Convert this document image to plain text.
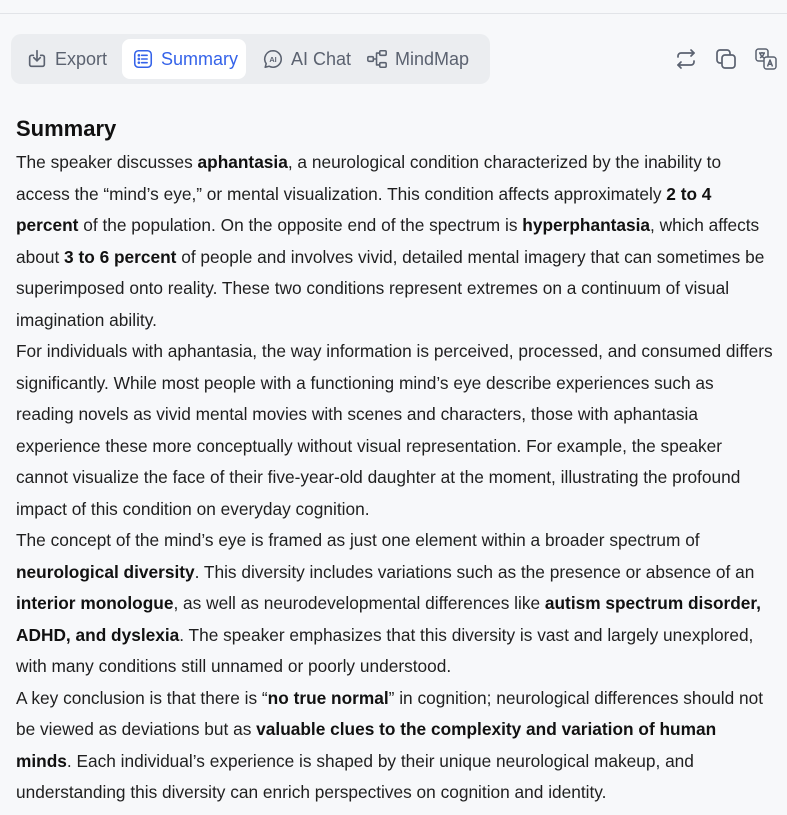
Export	Summary	AI AI Chat MindMap
Summary

The speaker discusses aphantasia, a neurological condition characterized by the inability to access the “mind’s eye,” or mental visualization. This condition affects approximately 2 to 4 percent of the population. On the opposite end of the spectrum is hyperphantasia, which affects about 3 to 6 percent of people and involves vivid, detailed mental imagery that can sometimes be superimposed onto reality. These two conditions represent extremes on a continuum of visual imagination ability.

For individuals with aphantasia, the way information is perceived, processed, and consumed differs significantly. While most people with a functioning mind’s eye describe experiences such as reading novels as vivid mental movies with scenes and characters, those with aphantasia experience these more conceptually without visual representation. For example, the speaker cannot visualize the face of their five-year-old daughter at the moment, illustrating the profound impact of this condition on everyday cognition.

The concept of the mind’s eye is framed as just one element within a broader spectrum of neurological diversity. This diversity includes variations such as the presence or absence of an interior monologue, as well as neurodevelopmental differences like autism spectrum disorder, ADHD, and dyslexia. The speaker emphasizes that this diversity is vast and largely unexplored, with many conditions still unnamed or poorly understood.

A key conclusion is that there is “no true normal” in cognition; neurological differences should not be viewed as deviations but as valuable clues to the complexity and variation of human minds. Each individual’s experience is shaped by their unique neurological makeup, and understanding this diversity can enrich perspectives on cognition and identity.
